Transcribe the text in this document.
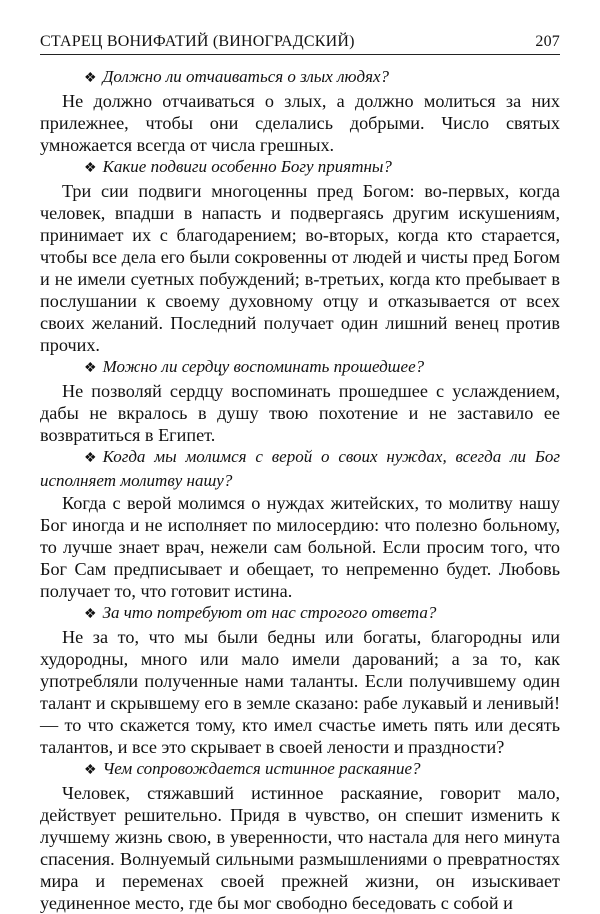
СТАРЕЦ ВОНИФАТИЙ (ВИНОГРАДСКИЙ)	207

❖ Должно ли отчаиваться о злых людях?

Не должно отчаиваться о злых, а должно молиться за них прилежнее, чтобы они сделались добрыми. Число святых умножается всегда от числа грешных.

❖ Какие подвиги особенно Богу приятны?

Три сии подвиги многоценны пред Богом: во-первых, когда человек, впадши в напасть и подвергаясь другим искушениям, принимает их с благодарением; во-вторых, когда кто старается, чтобы все дела его были сокровенны от людей и чисты пред Богом и не имели суетных побуждений; в-третьих, когда кто пребывает в послушании к своему духовному отцу и отказывается от всех своих желаний. Последний получает один лишний венец против прочих.

❖ Можно ли сердцу воспоминать прошедшее?

Не позволяй сердцу воспоминать прошедшее с услаждением, дабы не вкралось в душу твою похотение и не заставило ее возвратиться в Египет.

❖ Когда мы молимся с верой о своих нуждах, всегда ли Бог исполняет молитву нашу?

Когда с верой молимся о нуждах житейских, то молитву нашу Бог иногда и не исполняет по милосердию: что полезно больному, то лучше знает врач, нежели сам больной. Если просим того, что Бог Сам предписывает и обещает, то непременно будет. Любовь получает то, что готовит истина.

❖ За что потребуют от нас строгого ответа?

Не за то, что мы были бедны или богаты, благородны или худородны, много или мало имели дарований; а за то, как употребляли полученные нами таланты. Если получившему один талант и скрывшему его в земле сказано: рабе лукавый и ленивый! — то что скажется тому, кто имел счастье иметь пять или десять талантов, и все это скрывает в своей лености и праздности?

❖ Чем сопровождается истинное раскаяние?

Человек, стяжавший истинное раскаяние, говорит мало, действует решительно. Придя в чувство, он спешит изменить к лучшему жизнь свою, в уверенности, что настала для него минута спасения. Волнуемый сильными размышлениями о превратностях мира и переменах своей прежней жизни, он изыскивает уединенное место, где бы мог свободно беседовать с собой и
